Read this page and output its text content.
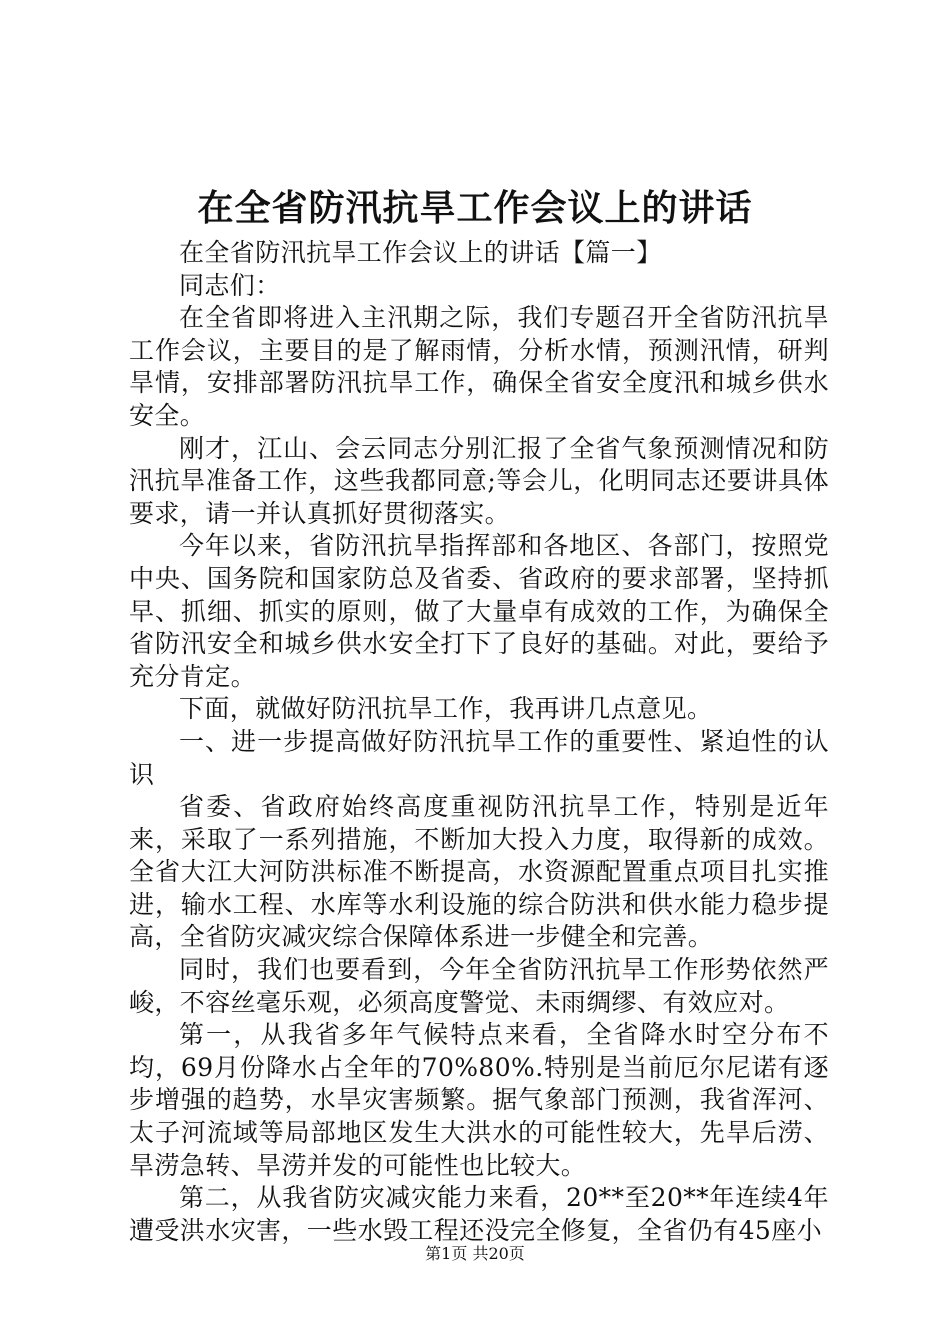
在全省防汛抗旱工作会议上的讲话

在全省防汛抗旱工作会议上的讲话【篇一】

同志们：

在全省即将进入主汛期之际，我们专题召开全省防汛抗旱工作会议，主要目的是了解雨情，分析水情，预测汛情，研判旱情，安排部署防汛抗旱工作，确保全省安全度汛和城乡供水安全。

刚才，江山、会云同志分别汇报了全省气象预测情况和防汛抗旱准备工作，这些我都同意;等会儿，化明同志还要讲具体要求，请一并认真抓好贯彻落实。

今年以来，省防汛抗旱指挥部和各地区、各部门，按照党中央、国务院和国家防总及省委、省政府的要求部署，坚持抓早、抓细、抓实的原则，做了大量卓有成效的工作，为确保全省防汛安全和城乡供水安全打下了良好的基础。对此，要给予充分肯定。

下面，就做好防汛抗旱工作，我再讲几点意见。

一、进一步提高做好防汛抗旱工作的重要性、紧迫性的认识

省委、省政府始终高度重视防汛抗旱工作，特别是近年来，采取了一系列措施，不断加大投入力度，取得新的成效。全省大江大河防洪标准不断提高，水资源配置重点项目扎实推进，输水工程、水库等水利设施的综合防洪和供水能力稳步提高，全省防灾减灾综合保障体系进一步健全和完善。

同时，我们也要看到，今年全省防汛抗旱工作形势依然严峻，不容丝毫乐观，必须高度警觉、未雨绸缪、有效应对。

第一，从我省多年气候特点来看，全省降水时空分布不均，69月份降水占全年的70%80%.特别是当前厄尔尼诺有逐步增强的趋势，水旱灾害频繁。据气象部门预测，我省浑河、太子河流域等局部地区发生大洪水的可能性较大，先旱后涝、旱涝急转、旱涝并发的可能性也比较大。

第二，从我省防灾减灾能力来看，20**至20**年连续4年遭受洪水灾害，一些水毁工程还没完全修复，全省仍有45座小

第1页 共20页
